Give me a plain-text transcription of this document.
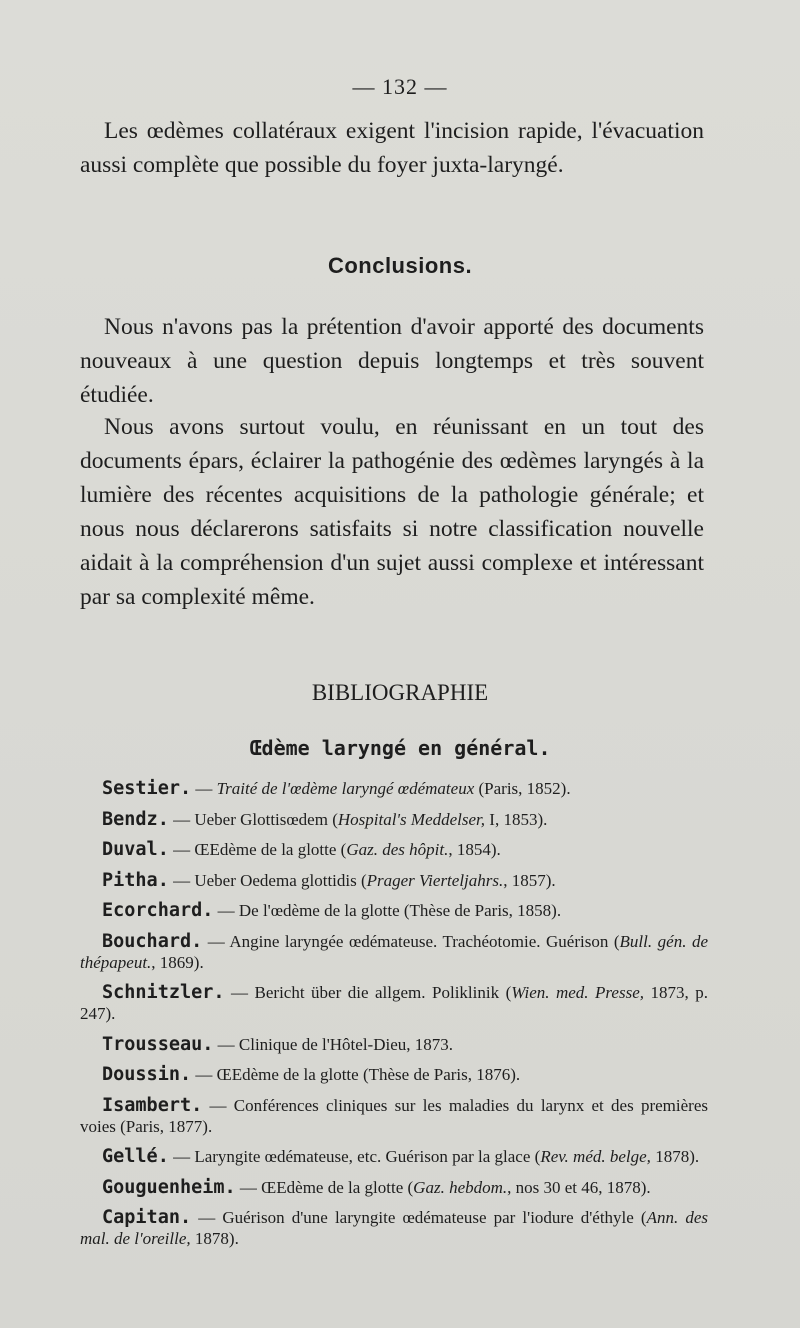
— 132 —

Les œdèmes collatéraux exigent l'incision rapide, l'évacuation aussi complète que possible du foyer juxta-laryngé.

Conclusions.

Nous n'avons pas la prétention d'avoir apporté des documents nouveaux à une question depuis longtemps et très souvent étudiée.

Nous avons surtout voulu, en réunissant en un tout des documents épars, éclairer la pathogénie des œdèmes laryngés à la lumière des récentes acquisitions de la pathologie générale; et nous nous déclarerons satisfaits si notre classification nouvelle aidait à la compréhension d'un sujet aussi complexe et intéressant par sa complexité même.

BIBLIOGRAPHIE
Œdème laryngé en général.
Sestier. — Traité de l'œdème laryngé œdémateux (Paris, 1852).
Bendz. — Ueber Glottisœdem (Hospital's Meddelser, I, 1853).
Duval. — ŒEdème de la glotte (Gaz. des hôpit., 1854).
Pitha. — Ueber Oedema glottidis (Prager Vierteljahrs., 1857).
Ecorchard. — De l'œdème de la glotte (Thèse de Paris, 1858).
Bouchard. — Angine laryngée œdémateuse. Trachéotomie. Guérison (Bull. gén. de thépapeut., 1869).
Schnitzler. — Bericht über die allgem. Poliklinik (Wien. med. Presse, 1873, p. 247).
Trousseau. — Clinique de l'Hôtel-Dieu, 1873.
Doussin. — ŒEdème de la glotte (Thèse de Paris, 1876).
Isambert. — Conférences cliniques sur les maladies du larynx et des premières voies (Paris, 1877).
Gellé. — Laryngite œdémateuse, etc. Guérison par la glace (Rev. méd. belge, 1878).
Gouguenheim. — ŒEdème de la glotte (Gaz. hebdom., nos 30 et 46, 1878).
Capitan. — Guérison d'une laryngite œdémateuse par l'iodure d'éthyle (Ann. des mal. de l'oreille, 1878).
